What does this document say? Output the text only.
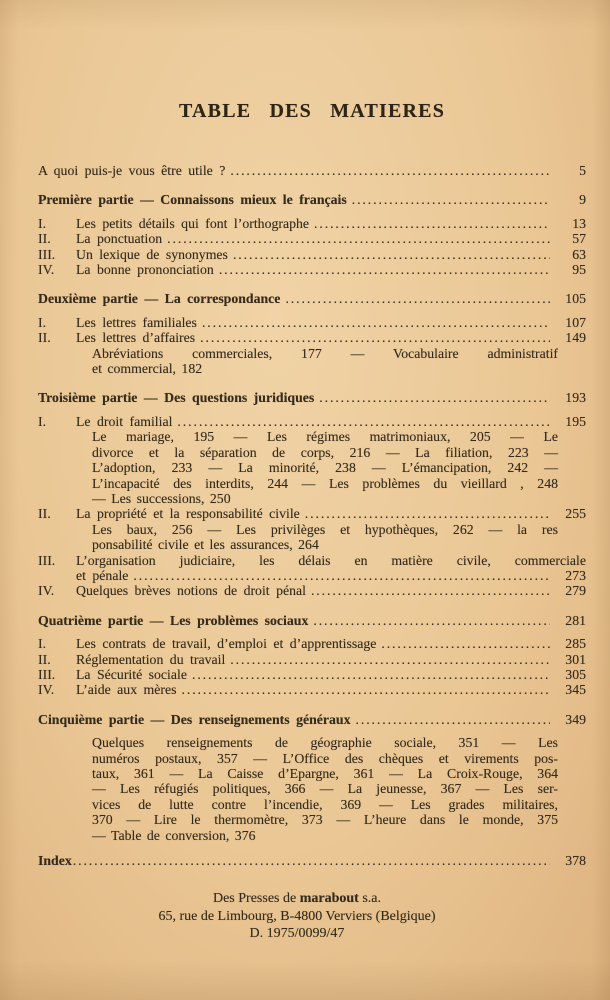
TABLE DES MATIERES
A quoi puis-je vous être utile ? .....	5
Première partie — Connaissons mieux le français .....	9
I.	Les petits détails qui font l’orthographe .....	13
II.	La ponctuation .....	57
III.	Un lexique de synonymes .....	63
IV.	La bonne prononciation .....	95
Deuxième partie — La correspondance .....	105
I.	Les lettres familiales .....	107
II.	Les lettres d’affaires .....	149
Abréviations commerciales, 177 — Vocabulaire administratif
et commercial, 182
Troisième partie — Des questions juridiques .....	193
I.	Le droit familial .....	195
Le mariage, 195 — Les régimes matrimoniaux, 205 — Le
divorce et la séparation de corps, 216 — La filiation, 223 —
L’adoption, 233 — La minorité, 238 — L’émancipation, 242 —
L’incapacité des interdits, 244 — Les problèmes du vieillard , 248
— Les successions, 250
II.	La propriété et la responsabilité civile .....	255
Les baux, 256 — Les privilèges et hypothèques, 262 — la res
ponsabilité civile et les assurances, 264
III.	L’organisation judiciaire, les délais en matière civile, commerciale
et pénale .....	273
IV.	Quelques brèves notions de droit pénal .....	279
Quatrième partie — Les problèmes sociaux .....	281
I.	Les contrats de travail, d’emploi et d’apprentissage .....	285
II.	Réglementation du travail .....	301
III.	La Sécurité sociale .....	305
IV.	L’aide aux mères .....	345
Cinquième partie — Des renseignements généraux .....	349
Quelques renseignements de géographie sociale, 351 — Les
numéros postaux, 357 — L’Office des chèques et virements pos-
taux, 361 — La Caisse d’Epargne, 361 — La Croix-Rouge, 364
— Les réfugiés politiques, 366 — La jeunesse, 367 — Les ser-
vices de lutte contre l’incendie, 369 — Les grades militaires,
370 — Lire le thermomètre, 373 — L’heure dans le monde, 375
— Table de conversion, 376
Index .....	378
Des Presses de marabout s.a.
65, rue de Limbourg, B-4800 Verviers (Belgique)
D. 1975/0099/47
